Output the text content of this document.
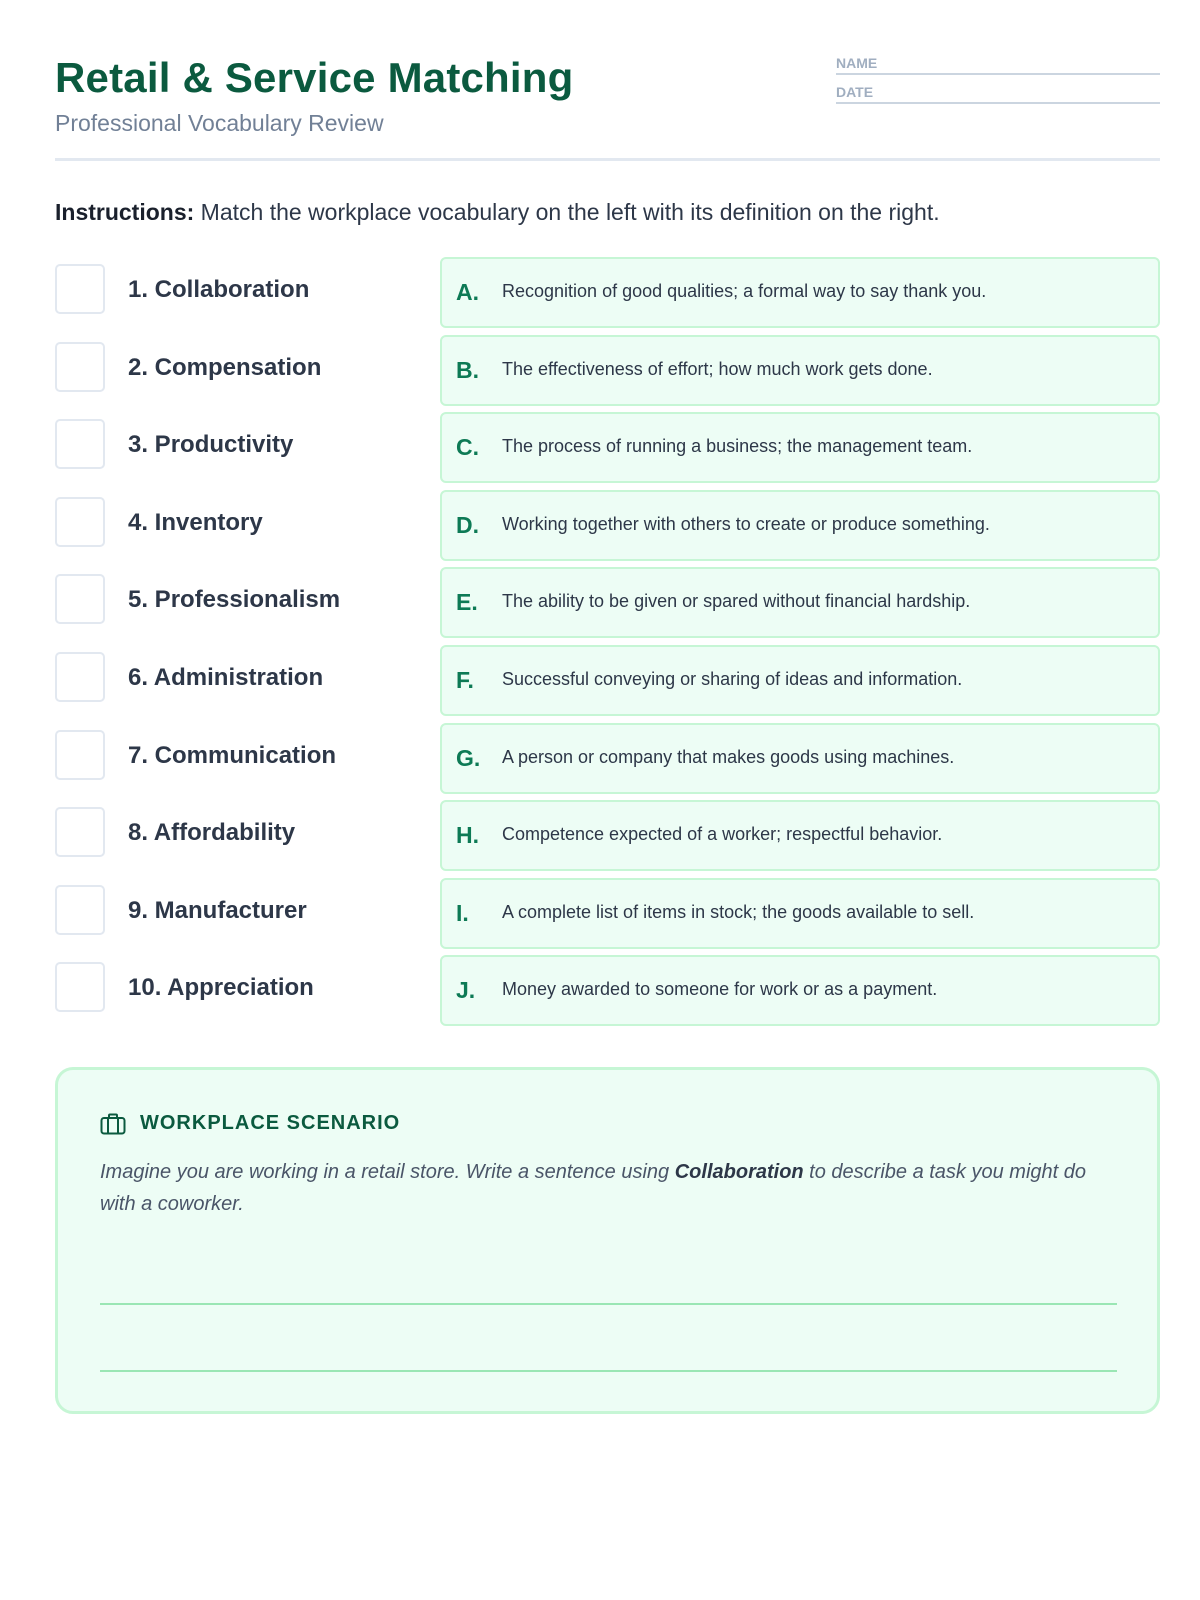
Retail & Service Matching
Professional Vocabulary Review
NAME
DATE
Instructions: Match the workplace vocabulary on the left with its definition on the right.
1. Collaboration	A. Recognition of good qualities; a formal way to say thank you.
2. Compensation	B. The effectiveness of effort; how much work gets done.
3. Productivity	C. The process of running a business; the management team.
4. Inventory	D. Working together with others to create or produce something.
5. Professionalism	E. The ability to be given or spared without financial hardship.
6. Administration	F. Successful conveying or sharing of ideas and information.
7. Communication	G. A person or company that makes goods using machines.
8. Affordability	H. Competence expected of a worker; respectful behavior.
9. Manufacturer	I. A complete list of items in stock; the goods available to sell.
10. Appreciation	J. Money awarded to someone for work or as a payment.
WORKPLACE SCENARIO
Imagine you are working in a retail store. Write a sentence using Collaboration to describe a task you might do with a coworker.
